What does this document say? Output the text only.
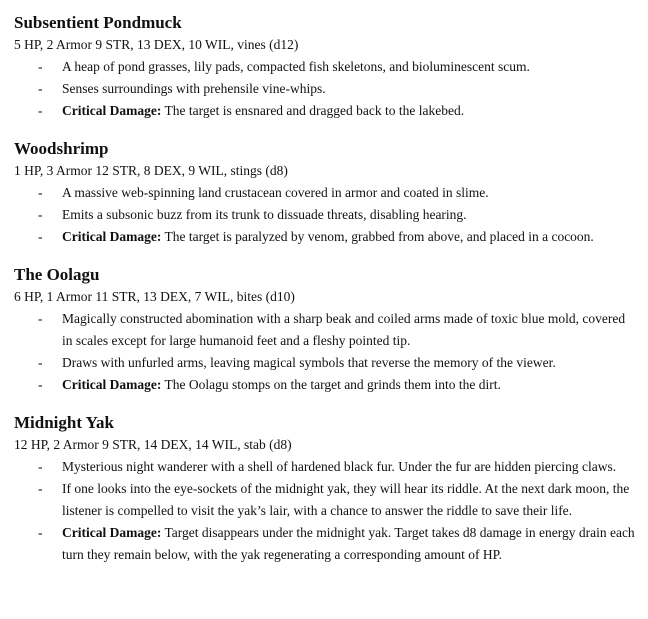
Subsentient Pondmuck

5 HP, 2 Armor 9 STR, 13 DEX, 10 WIL, vines (d12)

- A heap of pond grasses, lily pads, compacted fish skeletons, and bioluminescent scum.
- Senses surroundings with prehensile vine-whips.
- Critical Damage: The target is ensnared and dragged back to the lakebed.
Woodshrimp

1 HP, 3 Armor 12 STR, 8 DEX, 9 WIL, stings (d8)

- A massive web-spinning land crustacean covered in armor and coated in slime.
- Emits a subsonic buzz from its trunk to dissuade threats, disabling hearing.
- Critical Damage: The target is paralyzed by venom, grabbed from above, and placed in a cocoon.
The Oolagu

6 HP, 1 Armor 11 STR, 13 DEX, 7 WIL, bites (d10)

- Magically constructed abomination with a sharp beak and coiled arms made of toxic blue mold, covered in scales except for large humanoid feet and a fleshy pointed tip.
- Draws with unfurled arms, leaving magical symbols that reverse the memory of the viewer.
- Critical Damage: The Oolagu stomps on the target and grinds them into the dirt.
Midnight Yak

12 HP, 2 Armor 9 STR, 14 DEX, 14 WIL, stab (d8)

- Mysterious night wanderer with a shell of hardened black fur. Under the fur are hidden piercing claws.
- If one looks into the eye-sockets of the midnight yak, they will hear its riddle. At the next dark moon, the listener is compelled to visit the yak’s lair, with a chance to answer the riddle to save their life.
- Critical Damage: Target disappears under the midnight yak. Target takes d8 damage in energy drain each turn they remain below, with the yak regenerating a corresponding amount of HP.
